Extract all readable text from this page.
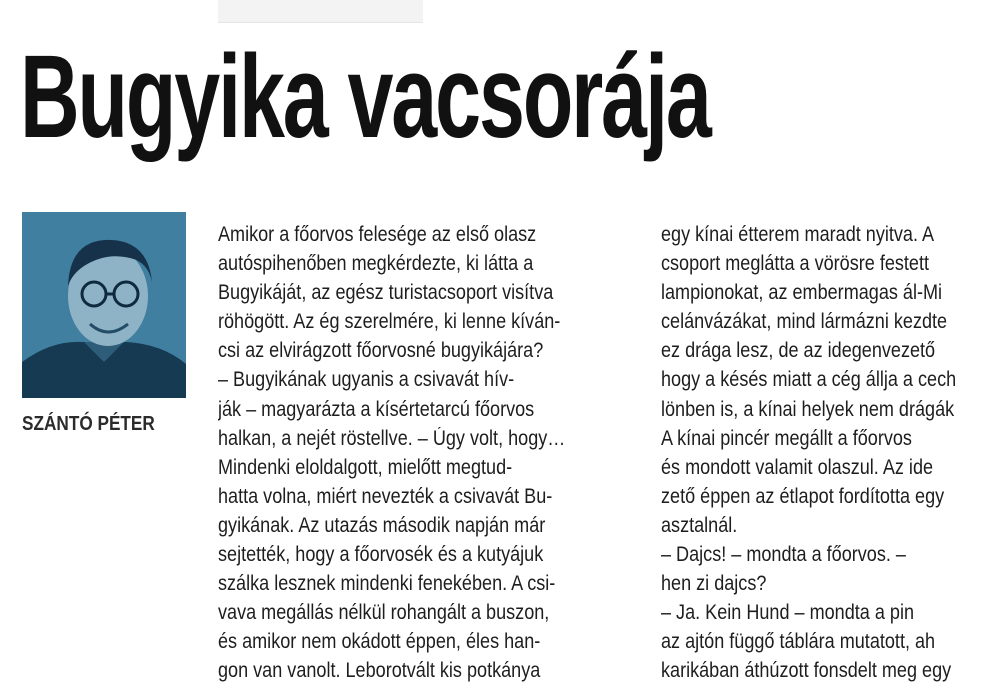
Bugyika vacsorája
SZÁNTÓ PÉTER
Amikor a főorvos felesége az első olasz
autóspihenőben megkérdezte, ki látta a
Bugyikáját, az egész turistacsoport visítva
röhögött. Az ég szerelmére, ki lenne kíván-
csi az elvirágzott főorvosné bugyikájára?
– Bugyikának ugyanis a csivavát hív-
ják – magyarázta a kísértetarcú főorvos
halkan, a nejét röstellve. – Úgy volt, hogy…
Mindenki eloldalgott, mielőtt megtud-
hatta volna, miért nevezték a csivavát Bu-
gyikának. Az utazás második napján már
sejtették, hogy a főorvosék és a kutyájuk
szálka lesznek mindenki fenekében. A csi-
vava megállás nélkül rohangált a buszon,
és amikor nem okádott éppen, éles han-
gon van vanolt. Leborotvált kis potkánya
egy kínai étterem maradt nyitva. A
csoport meglátta a vörösre festett
lampionokat, az embermagas ál-Mi
celánvázákat, mind lármázni kezdte
ez drága lesz, de az idegenvezető
hogy a késés miatt a cég állja a cech
lönben is, a kínai helyek nem drágák
A kínai pincér megállt a főorvos
és mondott valamit olaszul. Az ide
zető éppen az étlapot fordította egy
asztalnál.
– Dajcs! – mondta a főorvos. –
hen zi dajcs?
– Ja. Kein Hund – mondta a pin
az ajtón függő táblára mutatott, ah
karikában áthúzott fonsdelt meg egy
